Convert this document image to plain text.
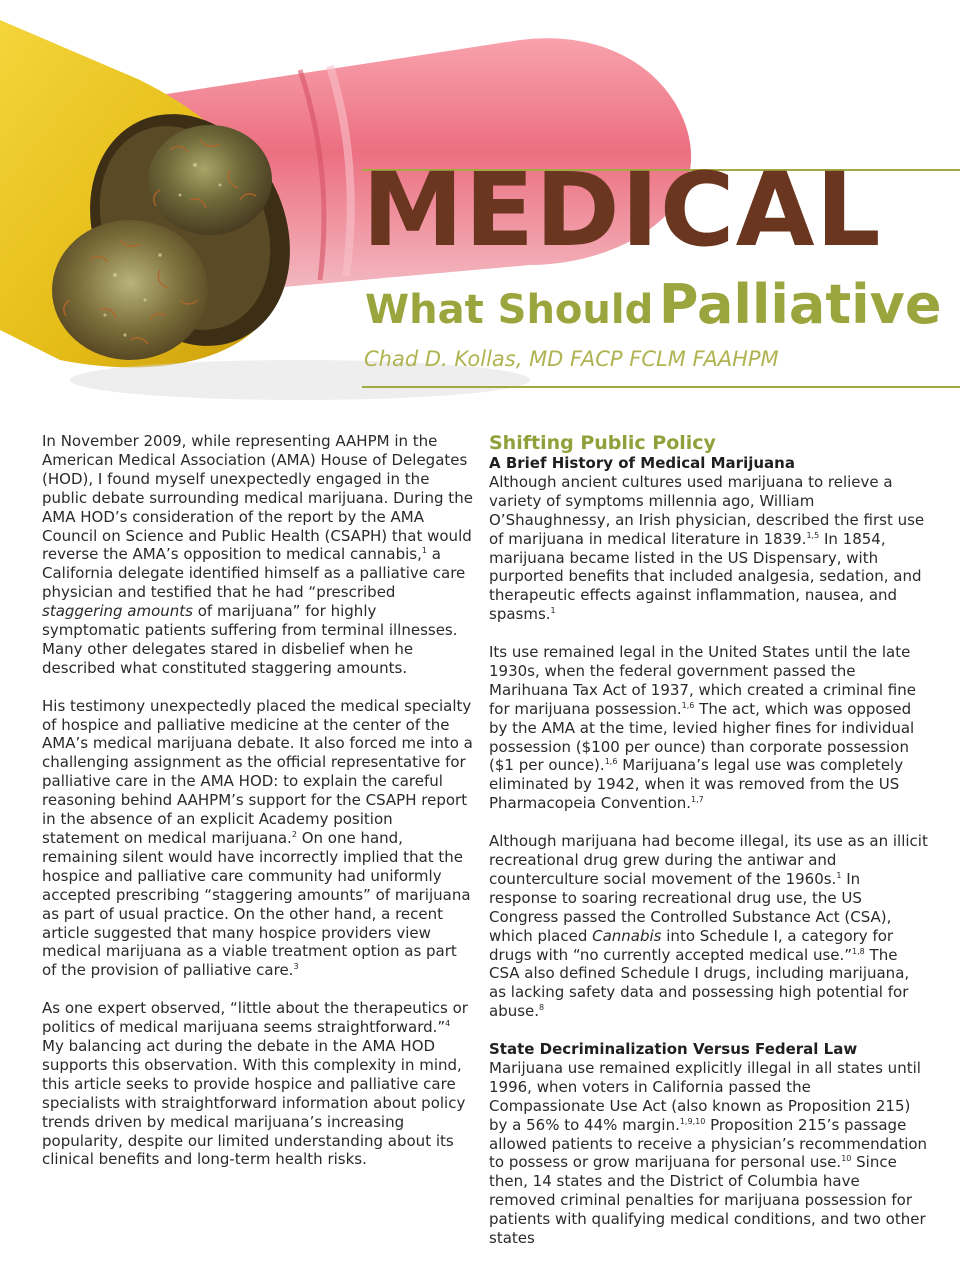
MEDICAL
What Should Palliative

Chad D. Kollas, MD FACP FCLM FAAHPM

In November 2009, while representing AAHPM in the American Medical Association (AMA) House of Delegates (HOD), I found myself unexpectedly engaged in the public debate surrounding medical marijuana. During the AMA HOD’s consideration of the report by the AMA Council on Science and Public Health (CSAPH) that would reverse the AMA’s opposition to medical cannabis,$^1$ a California delegate identified himself as a palliative care physician and testified that he had “prescribed staggering amounts of marijuana” for highly symptomatic patients suffering from terminal illnesses. Many other delegates stared in disbelief when he described what constituted staggering amounts.

His testimony unexpectedly placed the medical specialty of hospice and palliative medicine at the center of the AMA’s medical marijuana debate. It also forced me into a challenging assignment as the official representative for palliative care in the AMA HOD: to explain the careful reasoning behind AAHPM’s support for the CSAPH report in the absence of an explicit Academy position statement on medical marijuana.$^2$ On one hand, remaining silent would have incorrectly implied that the hospice and palliative care community had uniformly accepted prescribing “staggering amounts” of marijuana as part of usual practice. On the other hand, a recent article suggested that many hospice providers view medical marijuana as a viable treatment option as part of the provision of palliative care.$^3$

As one expert observed, “little about the therapeutics or politics of medical marijuana seems straightforward.”$^4$ My balancing act during the debate in the AMA HOD supports this observation. With this complexity in mind, this article seeks to provide hospice and palliative care specialists with straightforward information about policy trends driven by medical marijuana’s increasing popularity, despite our limited understanding about its clinical benefits and long-term health risks.

Shifting Public Policy
A Brief History of Medical Marijuana

Although ancient cultures used marijuana to relieve a variety of symptoms millennia ago, William O’Shaughnessy, an Irish physician, described the first use of marijuana in medical literature in 1839.$^{1,5}$ In 1854, marijuana became listed in the US Dispensary, with purported benefits that included analgesia, sedation, and therapeutic effects against inflammation, nausea, and spasms.$^1$

Its use remained legal in the United States until the late 1930s, when the federal government passed the Marihuana Tax Act of 1937, which created a criminal fine for marijuana possession.$^{1,6}$ The act, which was opposed by the AMA at the time, levied higher fines for individual possession ($100 per ounce) than corporate possession ($1 per ounce).$^{1,6}$ Marijuana’s legal use was completely eliminated by 1942, when it was removed from the US Pharmacopeia Convention.$^{1,7}$

Although marijuana had become illegal, its use as an illicit recreational drug grew during the antiwar and counterculture social movement of the 1960s.$^1$ In response to soaring recreational drug use, the US Congress passed the Controlled Substance Act (CSA), which placed Cannabis into Schedule I, a category for drugs with “no currently accepted medical use.”$^{1,8}$ The CSA also defined Schedule I drugs, including marijuana, as lacking safety data and possessing high potential for abuse.$^8$

State Decriminalization Versus Federal Law

Marijuana use remained explicitly illegal in all states until 1996, when voters in California passed the Compassionate Use Act (also known as Proposition 215) by a 56% to 44% margin.$^{1,9,10}$ Proposition 215’s passage allowed patients to receive a physician’s recommendation to possess or grow marijuana for personal use.$^{10}$ Since then, 14 states and the District of Columbia have removed criminal penalties for marijuana possession for patients with qualifying medical conditions, and two other states
